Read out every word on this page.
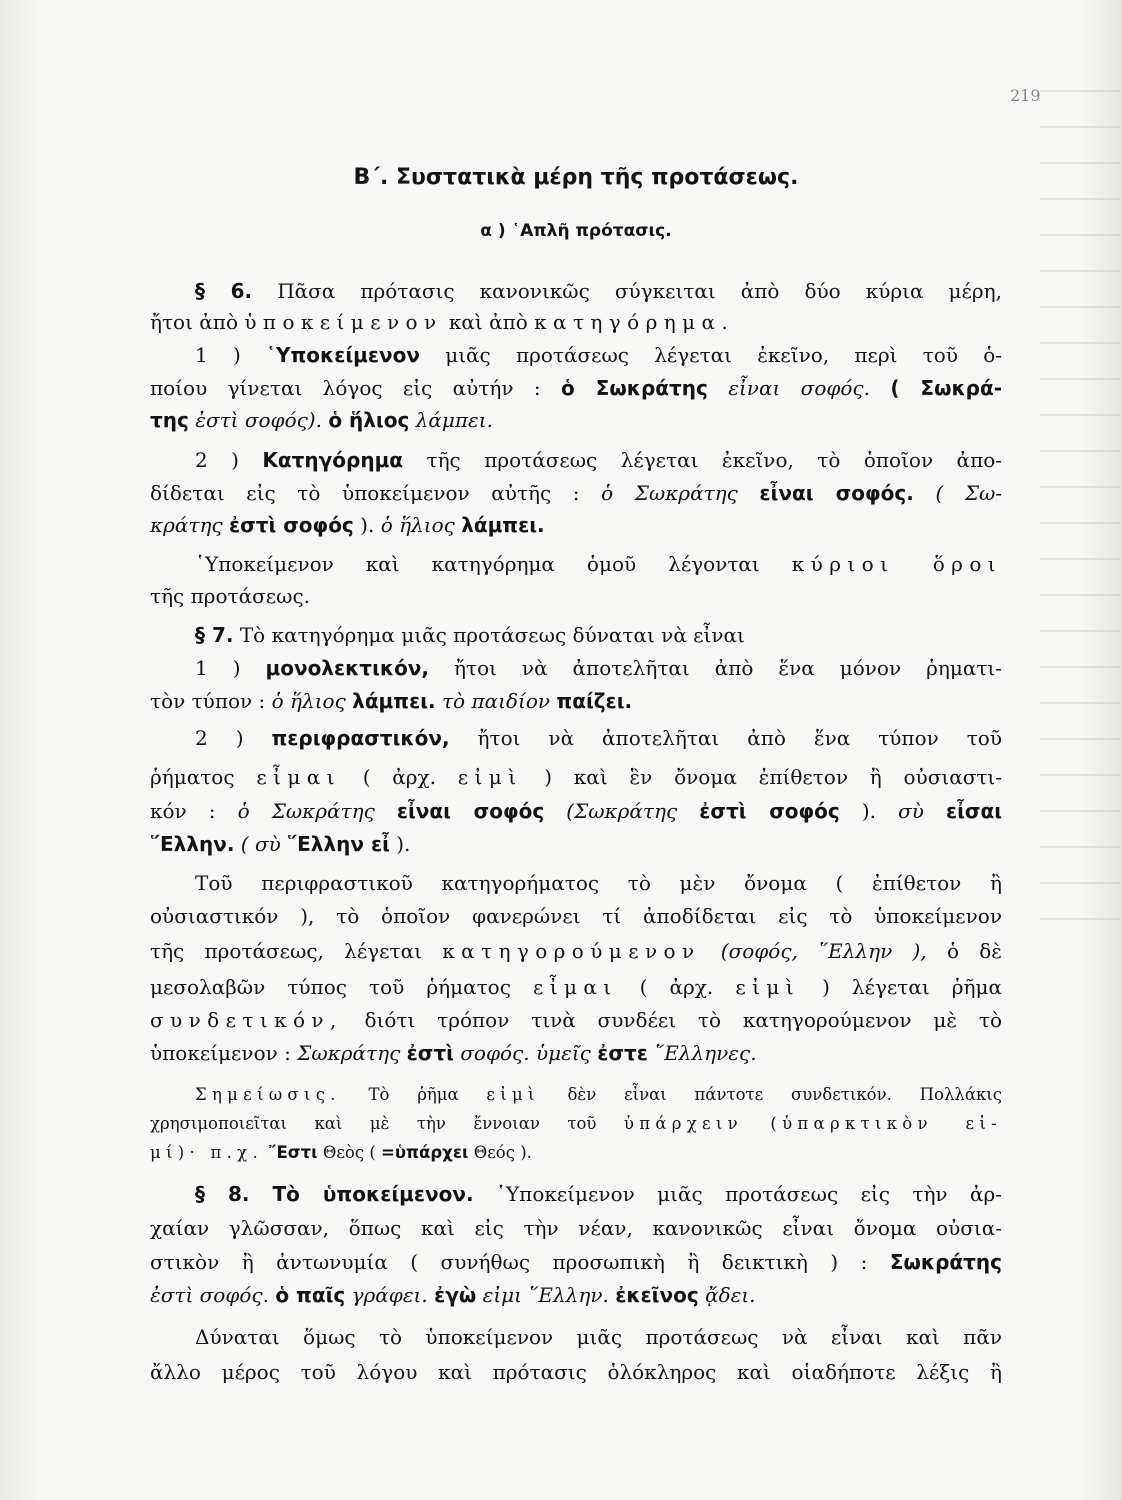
219
Β΄. Συστατικὰ μέρη τῆς προτάσεως.
α ) ῾Απλῆ πρότασις.
§ 6. Πᾶσα πρότασις κανονικῶς σύγκειται ἀπὸ δύο κύρια μέρη,
ἤτοι ἀπὸ ὑποκείμενον καὶ ἀπὸ κατηγόρημα.
1 ) ῾Υποκείμενον μιᾶς προτάσεως λέγεται ἐκεῖνο, περὶ τοῦ ὁ-
ποίου γίνεται λόγος εἰς αὐτήν : ὁ Σωκράτης εἶναι σοφός. ( Σωκρά-
της ἐστὶ σοφός). ὁ ἥλιος λάμπει.
2 ) Κατηγόρημα τῆς προτάσεως λέγεται ἐκεῖνο, τὸ ὁποῖον ἀπο-
δίδεται εἰς τὸ ὑποκείμενον αὐτῆς : ὁ Σωκράτης εἶναι σοφός. ( Σω-
κράτης ἐστὶ σοφός ). ὁ ἥλιος λάμπει.
῾Υποκείμενον καὶ κατηγόρημα ὁμοῦ λέγονται κύριοι ὅροι
τῆς προτάσεως.
§ 7. Τὸ κατηγόρημα μιᾶς προτάσεως δύναται νὰ εἶναι
1 ) μονολεκτικόν, ἤτοι νὰ ἀποτελῆται ἀπὸ ἕνα μόνον ῥηματι-
τὸν τύπον : ὁ ἥλιος λάμπει. τὸ παιδίον παίζει.
2 ) περιφραστικόν, ἤτοι νὰ ἀποτελῆται ἀπὸ ἕνα τύπον τοῦ
ῥήματος εἶμαι ( ἀρχ. εἰμὶ ) καὶ ἓν ὄνομα ἐπίθετον ἢ οὐσιαστι-
κόν : ὁ Σωκράτης εἶναι σοφός (Σωκράτης ἐστὶ σοφός ). σὺ εἶσαι
῞Ελλην. ( σὺ ῞Ελλην εἶ ).
Τοῦ περιφραστικοῦ κατηγορήματος τὸ μὲν ὄνομα ( ἐπίθετον ἢ
οὐσιαστικόν ), τὸ ὁποῖον φανερώνει τί ἀποδίδεται εἰς τὸ ὑποκείμενον
τῆς προτάσεως, λέγεται κατηγορούμενον (σοφός, ῞Ελλην ), ὁ δὲ
μεσολαβῶν τύπος τοῦ ῥήματος εἶμαι ( ἀρχ. εἰμὶ ) λέγεται ῥῆμα
συνδετικόν, διότι τρόπον τινὰ συνδέει τὸ κατηγορούμενον μὲ τὸ
ὑποκείμενον : Σωκράτης ἐστὶ σοφός. ὑμεῖς ἐστε ῞Ελληνες.
Σημείωσις. Τὸ ῥῆμα εἰμὶ δὲν εἶναι πάντοτε συνδετικόν. Πολλάκις
χρησιμοποιεῖται καὶ μὲ τὴν ἔννοιαν τοῦ ὑπάρχειν (ὑπαρκτικὸν εἰ-
μί)· π.χ. ῎Εστι Θεὸς ( =ὑπάρχει Θεός ).
§ 8. Τὸ ὑποκείμενον. ῾Υποκείμενον μιᾶς προτάσεως εἰς τὴν ἀρ-
χαίαν γλῶσσαν, ὅπως καὶ εἰς τὴν νέαν, κανονικῶς εἶναι ὄνομα οὐσια-
στικὸν ἢ ἀντωνυμία ( συνήθως προσωπικὴ ἢ δεικτικὴ ) : Σωκράτης
ἐστὶ σοφός. ὁ παῖς γράφει. ἐγὼ εἰμι ῞Ελλην. ἐκεῖνος ᾄδει.
Δύναται ὅμως τὸ ὑποκείμενον μιᾶς προτάσεως νὰ εἶναι καὶ πᾶν
ἄλλο μέρος τοῦ λόγου καὶ πρότασις ὁλόκληρος καὶ οἱαδήποτε λέξις ἢ
